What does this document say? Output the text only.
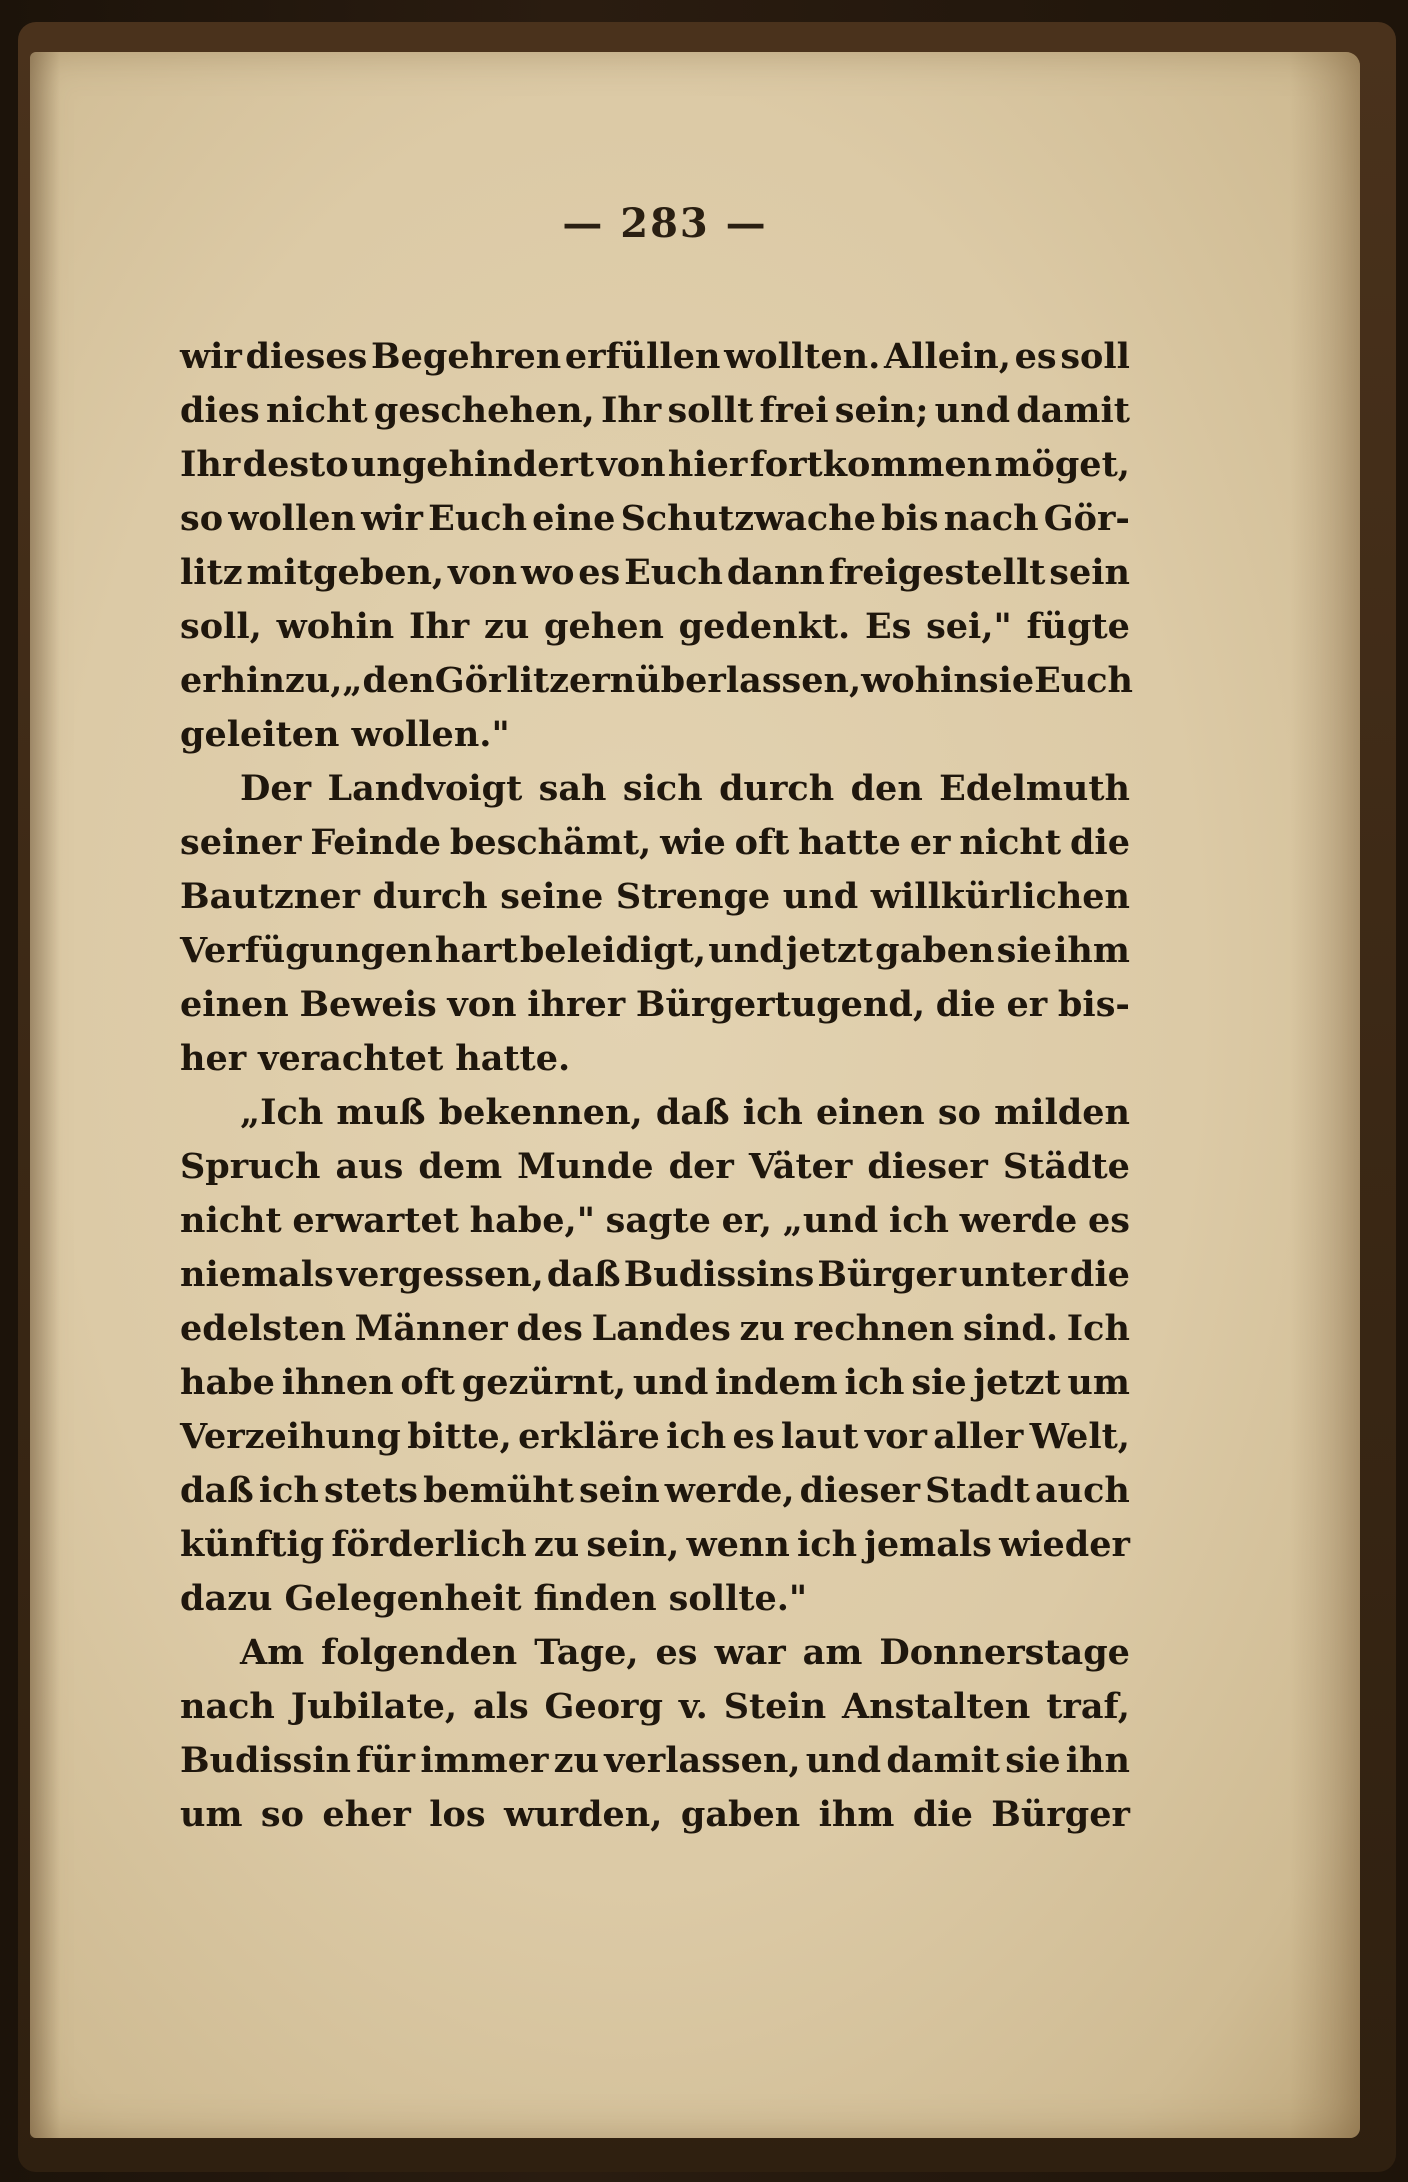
— 283 —
wir dieses Begehren erfüllen wollten. Allein, es soll
dies nicht geschehen, Ihr sollt frei sein; und damit
Ihr desto ungehindert von hier fortkommen möget,
so wollen wir Euch eine Schutzwache bis nach Gör-
litz mitgeben, von wo es Euch dann freigestellt sein
soll, wohin Ihr zu gehen gedenkt. Es sei," fügte
er hinzu, „den Görlitzern überlassen, wohin sie Euch
geleiten wollen."
Der Landvoigt sah sich durch den Edelmuth
seiner Feinde beschämt, wie oft hatte er nicht die
Bautzner durch seine Strenge und willkürlichen
Verfügungen hart beleidigt, und jetzt gaben sie ihm
einen Beweis von ihrer Bürgertugend, die er bis-
her verachtet hatte.
„Ich muß bekennen, daß ich einen so milden
Spruch aus dem Munde der Väter dieser Städte
nicht erwartet habe," sagte er, „und ich werde es
niemals vergessen, daß Budissins Bürger unter die
edelsten Männer des Landes zu rechnen sind. Ich
habe ihnen oft gezürnt, und indem ich sie jetzt um
Verzeihung bitte, erkläre ich es laut vor aller Welt,
daß ich stets bemüht sein werde, dieser Stadt auch
künftig förderlich zu sein, wenn ich jemals wieder
dazu Gelegenheit finden sollte."
Am folgenden Tage, es war am Donnerstage
nach Jubilate, als Georg v. Stein Anstalten traf,
Budissin für immer zu verlassen, und damit sie ihn
um so eher los wurden, gaben ihm die Bürger
